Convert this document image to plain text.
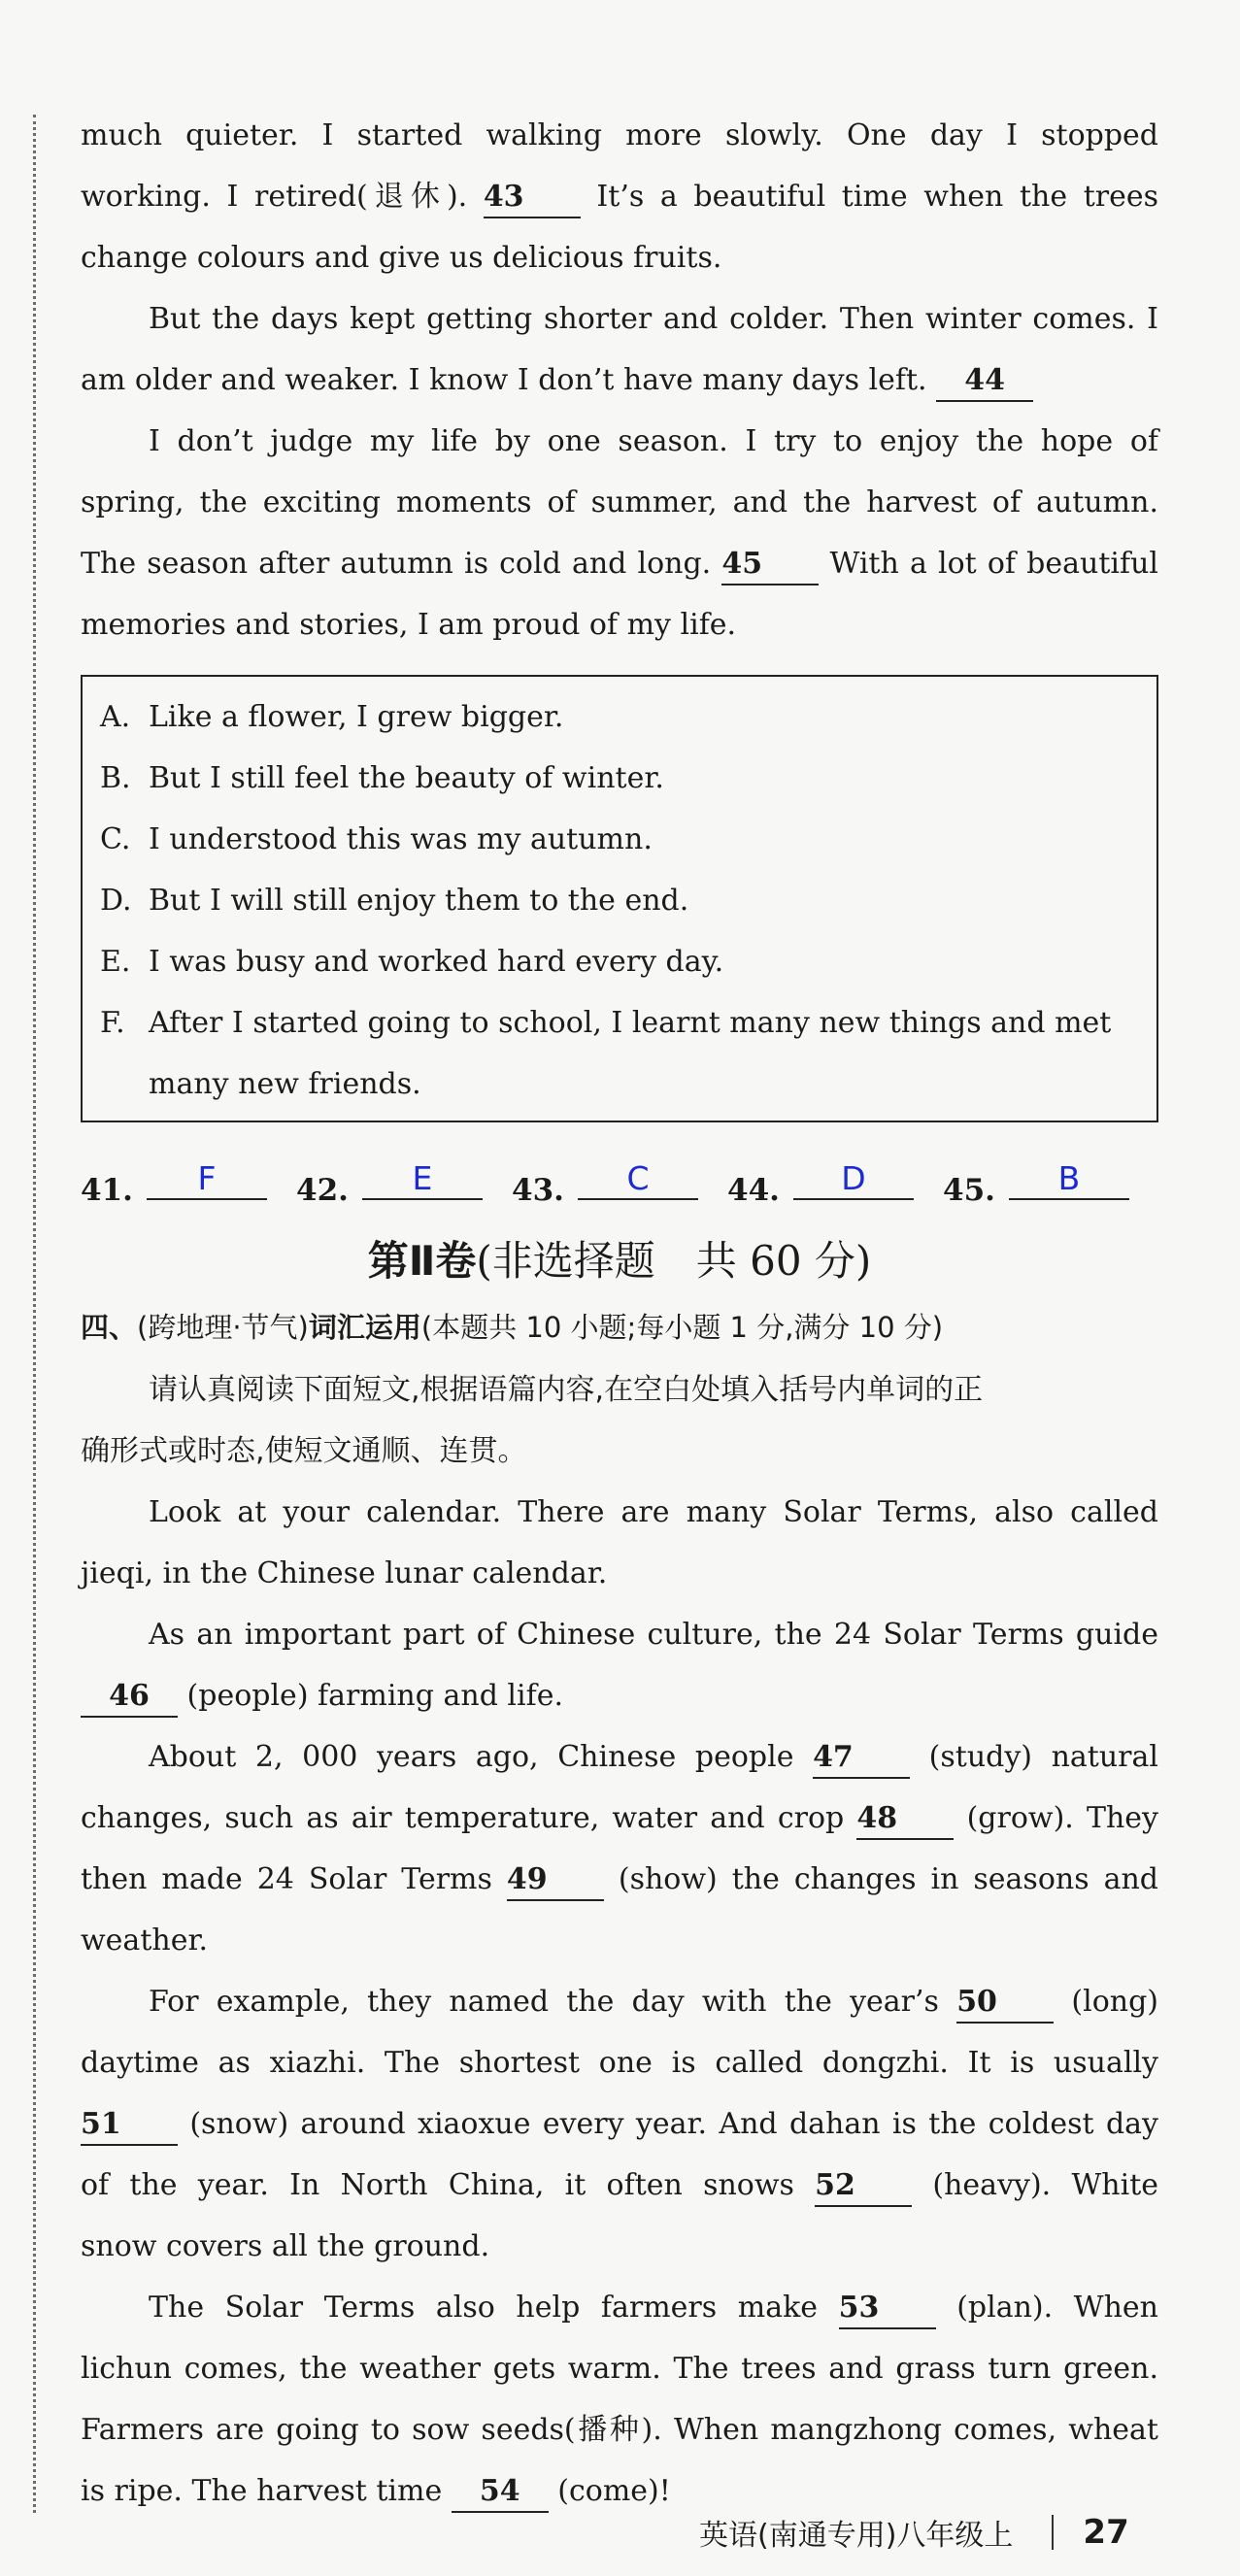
much quieter. I started walking more slowly. One day I stopped

working. I retired(退休). 43 It’s a beautiful time when the trees

change colours and give us delicious fruits.

But the days kept getting shorter and colder. Then winter comes. I

am older and weaker. I know I don’t have many days left. 44

I don’t judge my life by one season. I try to enjoy the hope of

spring, the exciting moments of summer, and the harvest of autumn.

The season after autumn is cold and long. 45 With a lot of beautiful

memories and stories, I am proud of my life.

A. Like a flower, I grew bigger.

B. But I still feel the beauty of winter.

C. I understood this was my autumn.

D. But I will still enjoy them to the end.

E. I was busy and worked hard every day.

F. After I started going to school, I learnt many new things and met

many new friends.

41.	F	42.	E	43.	C	44.	D	45.	B
第Ⅱ卷(非选择题　共 60 分)
四、(跨地理·节气)词汇运用(本题共 10 小题;每小题 1 分,满分 10 分)

请认真阅读下面短文,根据语篇内容,在空白处填入括号内单词的正

确形式或时态,使短文通顺、连贯。

Look at your calendar. There are many Solar Terms, also called

jieqi, in the Chinese lunar calendar.

As an important part of Chinese culture, the 24 Solar Terms guide

46 (people) farming and life.

About 2, 000 years ago, Chinese people 47 (study) natural

changes, such as air temperature, water and crop 48 (grow). They

then made 24 Solar Terms 49 (show) the changes in seasons and

weather.

For example, they named the day with the year’s 50 (long)

daytime as xiazhi. The shortest one is called dongzhi. It is usually

51 (snow) around xiaoxue every year. And dahan is the coldest day

of the year. In North China, it often snows 52 (heavy). White

snow covers all the ground.

The Solar Terms also help farmers make 53 (plan). When

lichun comes, the weather gets warm. The trees and grass turn green.

Farmers are going to sow seeds(播种). When mangzhong comes, wheat

is ripe. The harvest time 54 (come)!

英语(南通专用)八年级上 27
